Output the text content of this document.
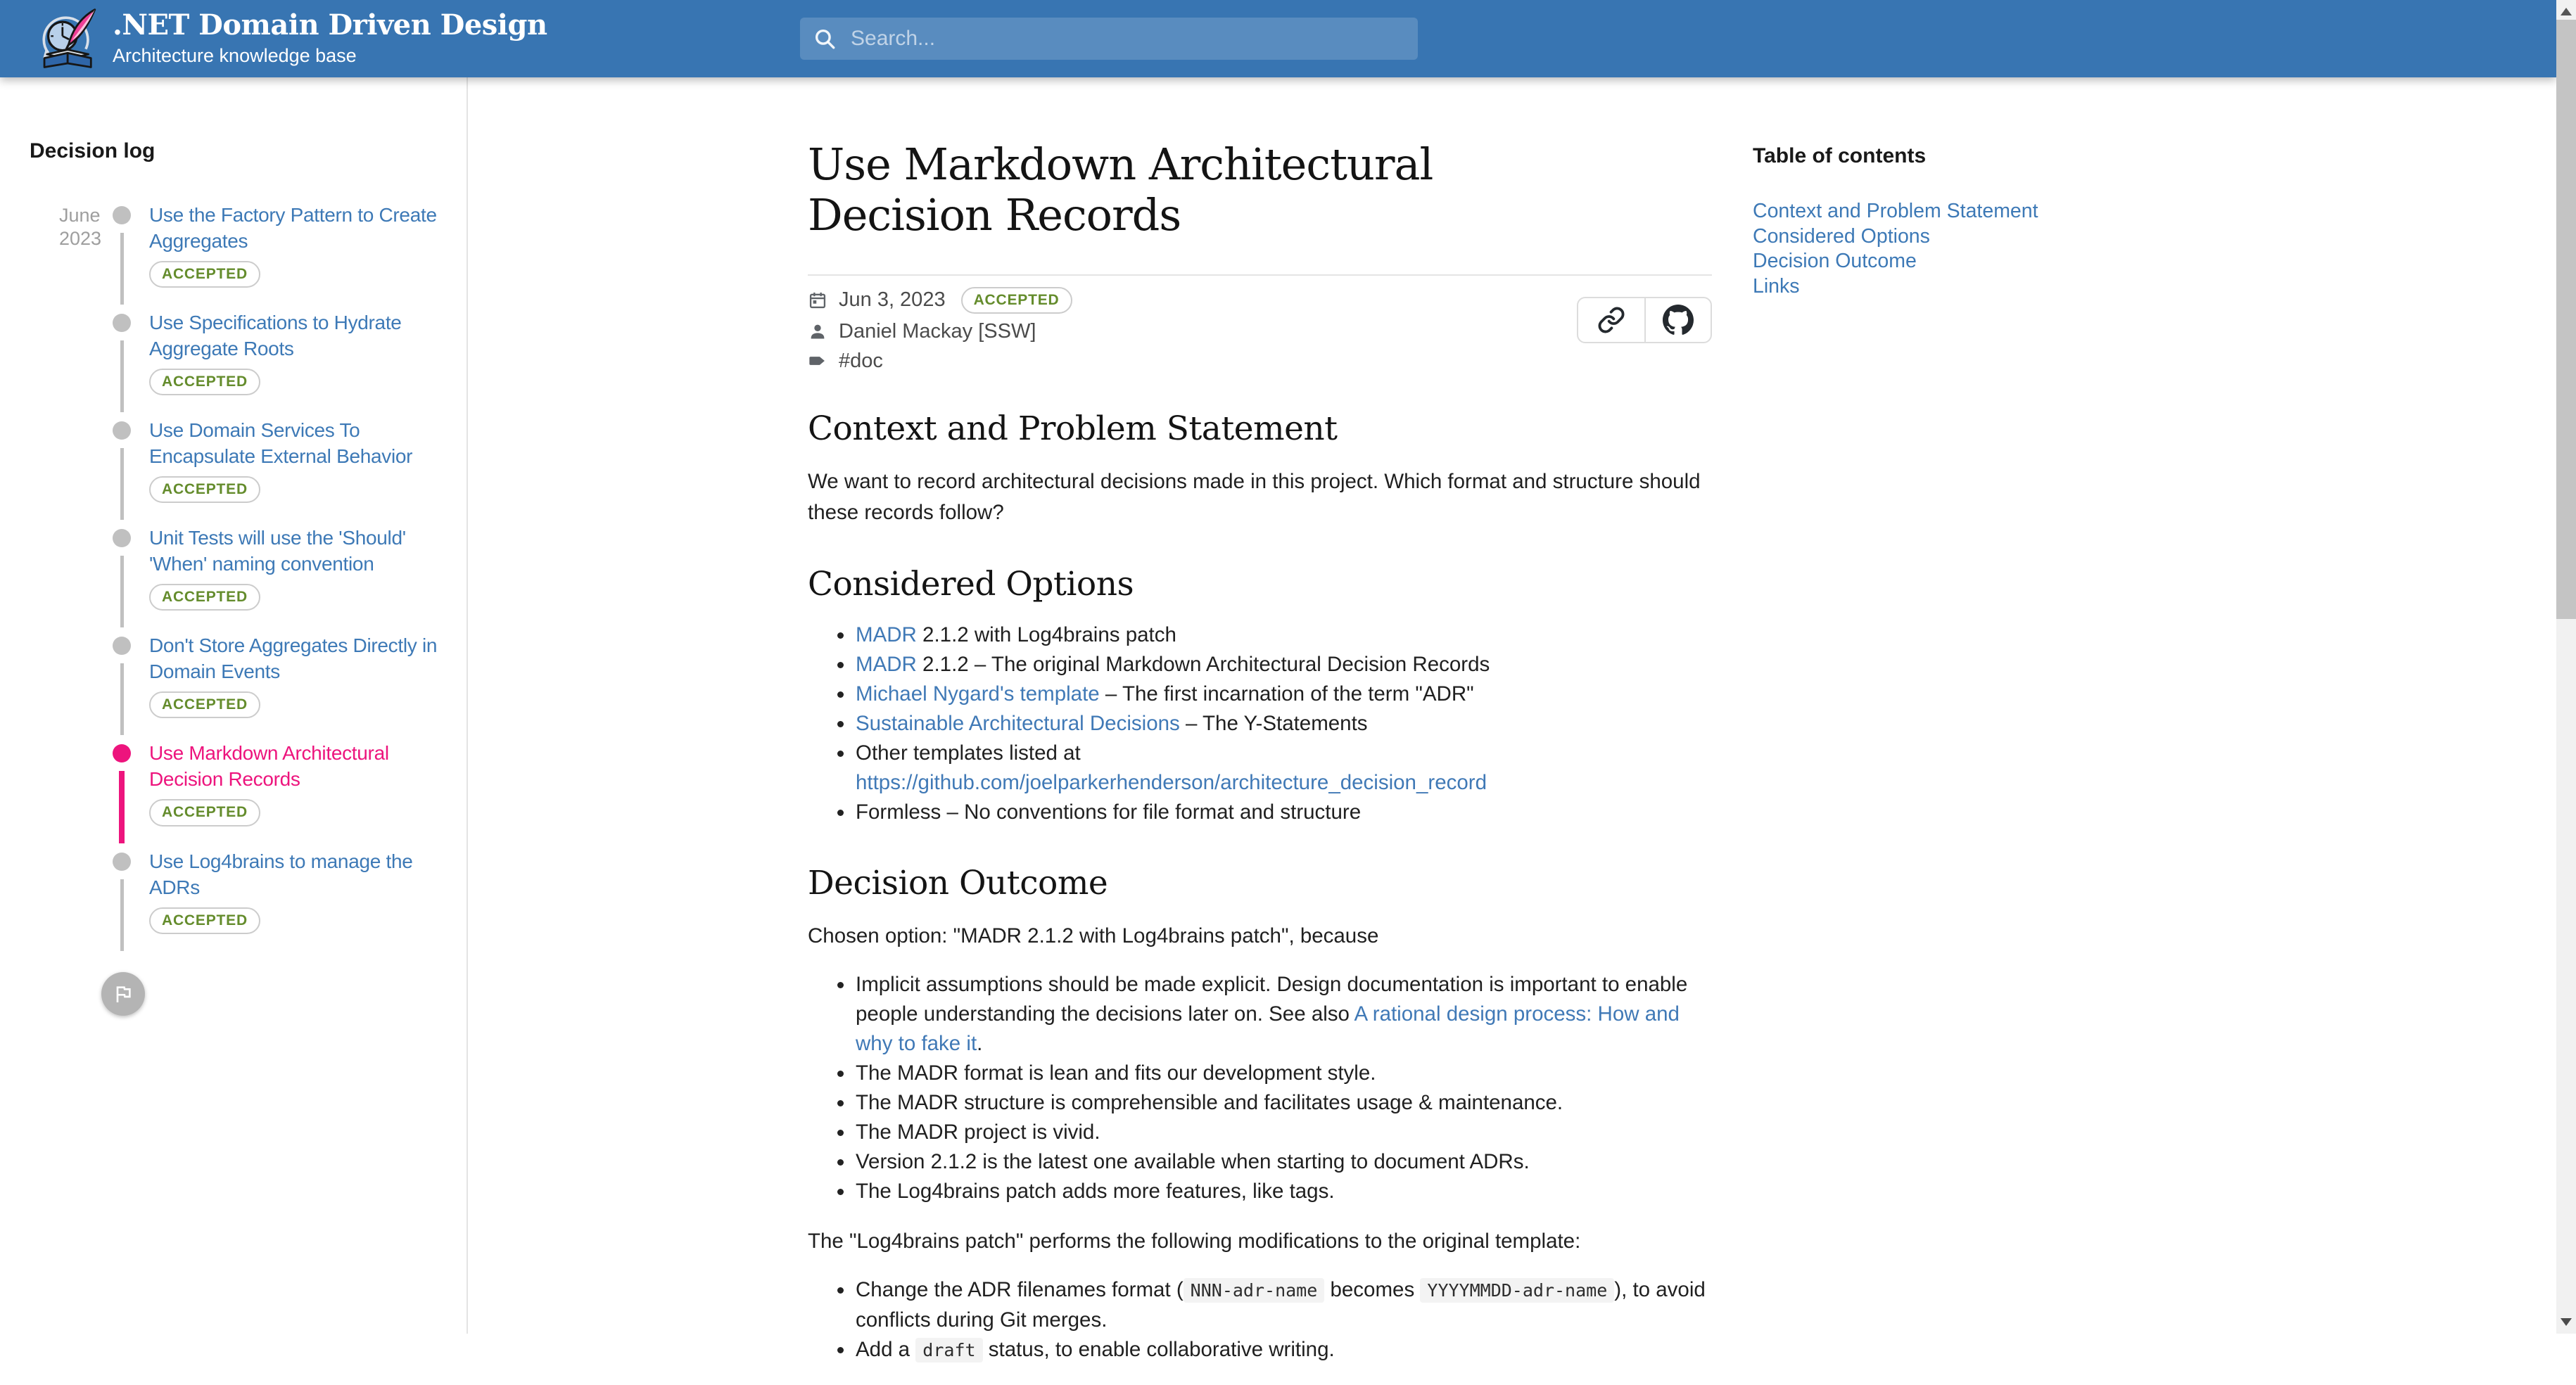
.NET Domain Driven Design
Architecture knowledge base
Search...
Decision log
June 2023
Use the Factory Pattern to Create Aggregates
ACCEPTED
Use Specifications to Hydrate Aggregate Roots
ACCEPTED
Use Domain Services To Encapsulate External Behavior
ACCEPTED
Unit Tests will use the 'Should' 'When' naming convention
ACCEPTED
Don't Store Aggregates Directly in Domain Events
ACCEPTED
Use Markdown Architectural Decision Records
ACCEPTED
Use Log4brains to manage the ADRs
ACCEPTED
Use Markdown Architectural Decision Records
Jun 3, 2023	ACCEPTED
Daniel Mackay [SSW]
#doc
Context and Problem Statement

We want to record architectural decisions made in this project. Which format and structure should these records follow?

Considered Options
MADR 2.1.2 with Log4brains patch
MADR 2.1.2 – The original Markdown Architectural Decision Records
Michael Nygard's template – The first incarnation of the term "ADR"
Sustainable Architectural Decisions – The Y-Statements
Other templates listed at https://github.com/joelparkerhenderson/architecture_decision_record
Formless – No conventions for file format and structure
Decision Outcome

Chosen option: "MADR 2.1.2 with Log4brains patch", because

Implicit assumptions should be made explicit. Design documentation is important to enable people understanding the decisions later on. See also A rational design process: How and why to fake it.
The MADR format is lean and fits our development style.
The MADR structure is comprehensible and facilitates usage & maintenance.
The MADR project is vivid.
Version 2.1.2 is the latest one available when starting to document ADRs.
The Log4brains patch adds more features, like tags.

The "Log4brains patch" performs the following modifications to the original template:

Change the ADR filenames format ( NNN-adr-name becomes YYYYMMDD-adr-name ), to avoid conflicts during Git merges.
Add a draft status, to enable collaborative writing.
Table of contents
Context and Problem Statement
Considered Options
Decision Outcome
Links
